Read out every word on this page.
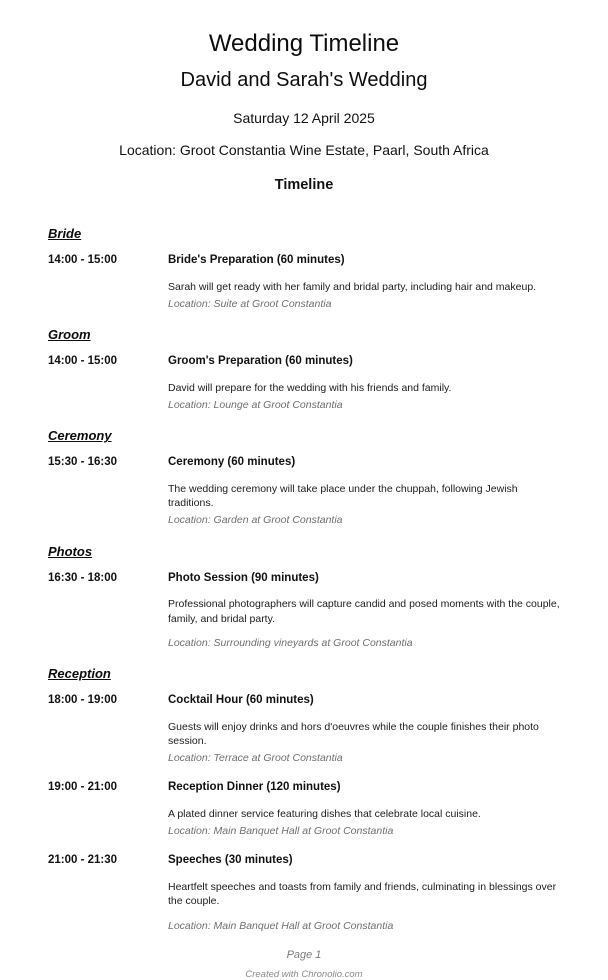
Wedding Timeline
David and Sarah's Wedding

Saturday 12 April 2025

Location: Groot Constantia Wine Estate, Paarl, South Africa

Timeline
Bride
14:00 - 15:00	Bride's Preparation (60 minutes)

Sarah will get ready with her family and bridal party, including hair and makeup.

Location: Suite at Groot Constantia

Groom
14:00 - 15:00	Groom's Preparation (60 minutes)

David will prepare for the wedding with his friends and family.

Location: Lounge at Groot Constantia

Ceremony
15:30 - 16:30	Ceremony (60 minutes)

The wedding ceremony will take place under the chuppah, following Jewish traditions.

Location: Garden at Groot Constantia

Photos
16:30 - 18:00	Photo Session (90 minutes)

Professional photographers will capture candid and posed moments with the couple, family, and bridal party.

Location: Surrounding vineyards at Groot Constantia

Reception
18:00 - 19:00	Cocktail Hour (60 minutes)

Guests will enjoy drinks and hors d'oeuvres while the couple finishes their photo session.

Location: Terrace at Groot Constantia

19:00 - 21:00	Reception Dinner (120 minutes)

A plated dinner service featuring dishes that celebrate local cuisine.

Location: Main Banquet Hall at Groot Constantia

21:00 - 21:30	Speeches (30 minutes)

Heartfelt speeches and toasts from family and friends, culminating in blessings over the couple.

Location: Main Banquet Hall at Groot Constantia

Page 1

Created with Chronolio.com
